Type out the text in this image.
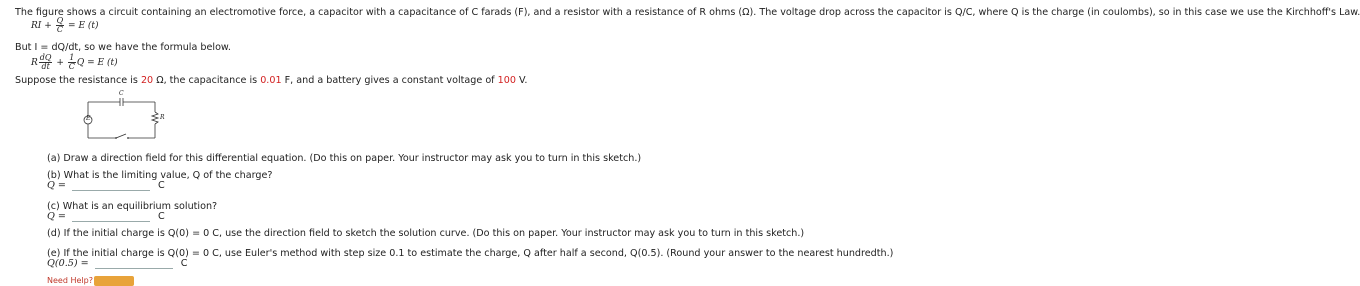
The figure shows a circuit containing an electromotive force, a capacitor with a capacitance of C farads (F), and a resistor with a resistance of R ohms (Ω). The voltage drop across the capacitor is Q/C, where Q is the charge (in coulombs), so in this case we use the Kirchhoff's Law.
RI + $\frac{Q}{C} = E$ (t)
But I = dQ/dt, so we have the formula below.
R $\frac{dQ}{dt} + \frac{1}{C}$ Q = E (t)
Suppose the resistance is 20 Ω, the capacitance is 0.01 F, and a battery gives a constant voltage of 100 V.
C
E	R
(a) Draw a direction field for this differential equation. (Do this on paper. Your instructor may ask you to turn in this sketch.)
(b) What is the limiting value, Q of the charge?
Q =	C
(c) What is an equilibrium solution?
Q =	C
(d) If the initial charge is Q(0) = 0 C, use the direction field to sketch the solution curve. (Do this on paper. Your instructor may ask you to turn in this sketch.)
(e) If the initial charge is Q(0) = 0 C, use Euler's method with step size 0.1 to estimate the charge, Q after half a second, Q(0.5). (Round your answer to the nearest hundredth.)
Q(0.5) =	C
Need Help?
